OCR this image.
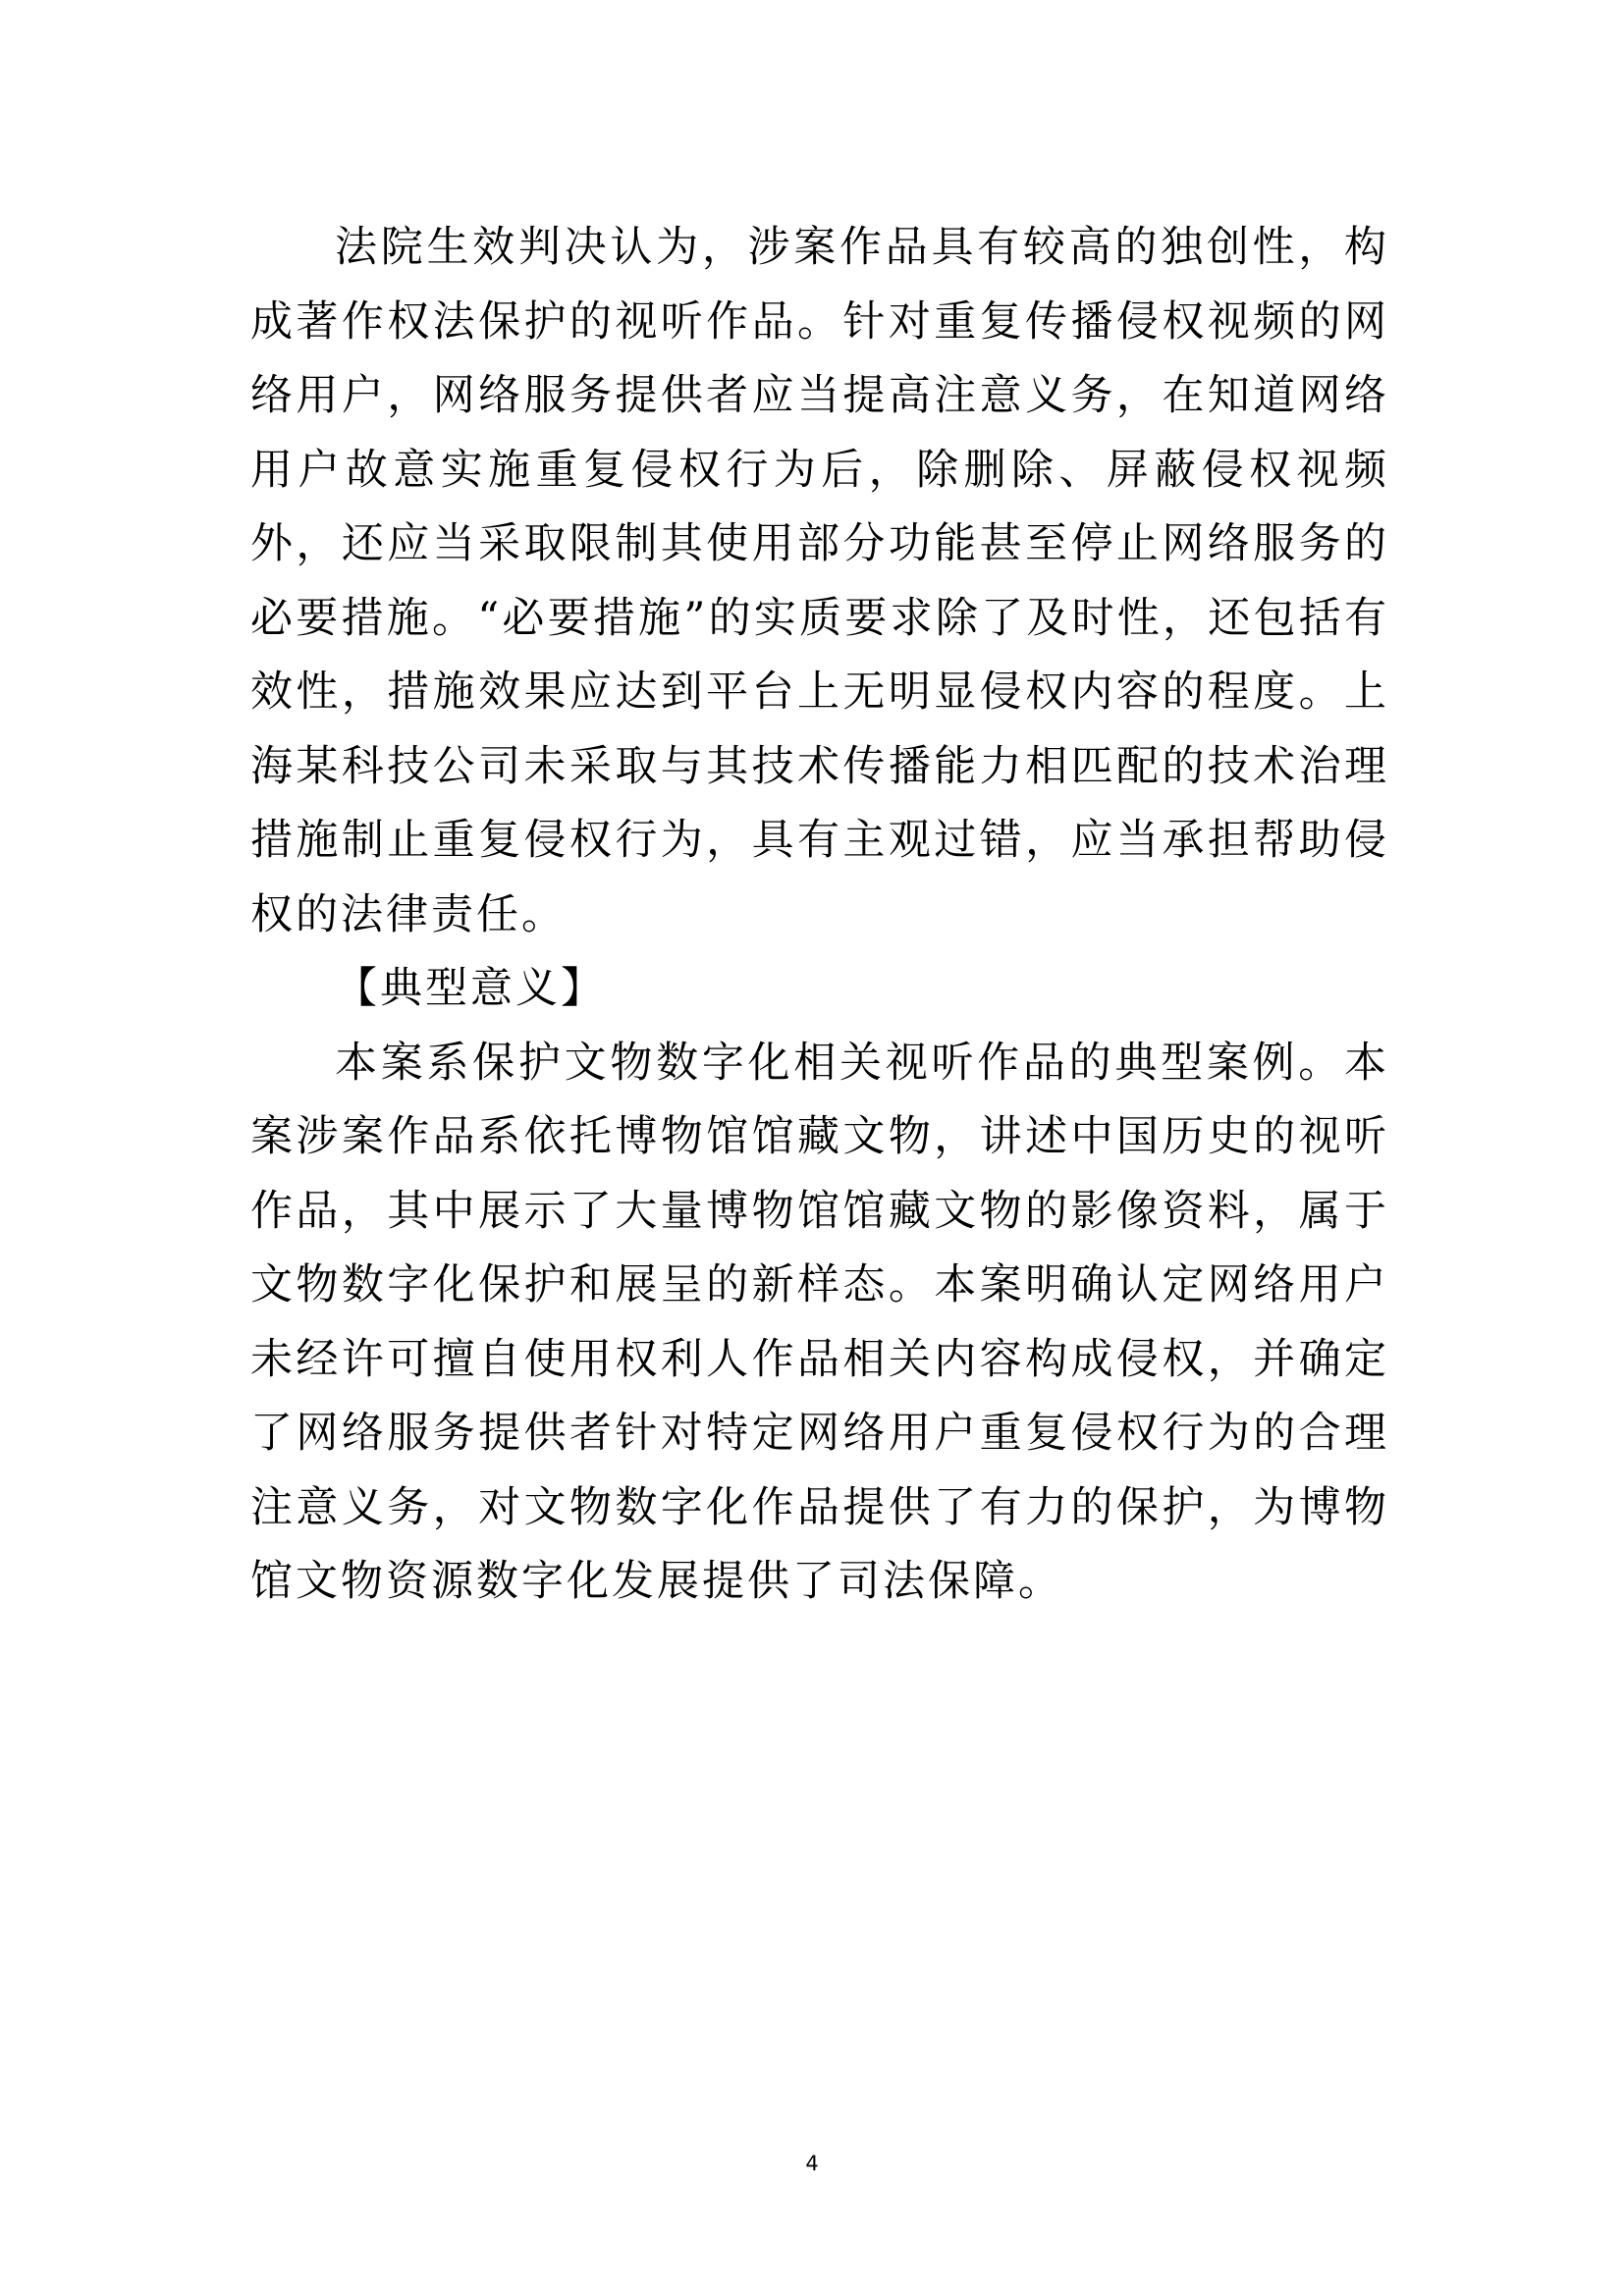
法院生效判决认为，涉案作品具有较高的独创性，构成著作权法保护的视听作品。针对重复传播侵权视频的网络用户，网络服务提供者应当提高注意义务，在知道网络用户故意实施重复侵权行为后，除删除、屏蔽侵权视频外，还应当采取限制其使用部分功能甚至停止网络服务的必要措施。“必要措施”的实质要求除了及时性，还包括有效性，措施效果应达到平台上无明显侵权内容的程度。上海某科技公司未采取与其技术传播能力相匹配的技术治理措施制止重复侵权行为，具有主观过错，应当承担帮助侵权的法律责任。

【典型意义】

本案系保护文物数字化相关视听作品的典型案例。本案涉案作品系依托博物馆馆藏文物，讲述中国历史的视听作品，其中展示了大量博物馆馆藏文物的影像资料，属于文物数字化保护和展呈的新样态。本案明确认定网络用户未经许可擅自使用权利人作品相关内容构成侵权，并确定了网络服务提供者针对特定网络用户重复侵权行为的合理注意义务，对文物数字化作品提供了有力的保护，为博物馆文物资源数字化发展提供了司法保障。

4
